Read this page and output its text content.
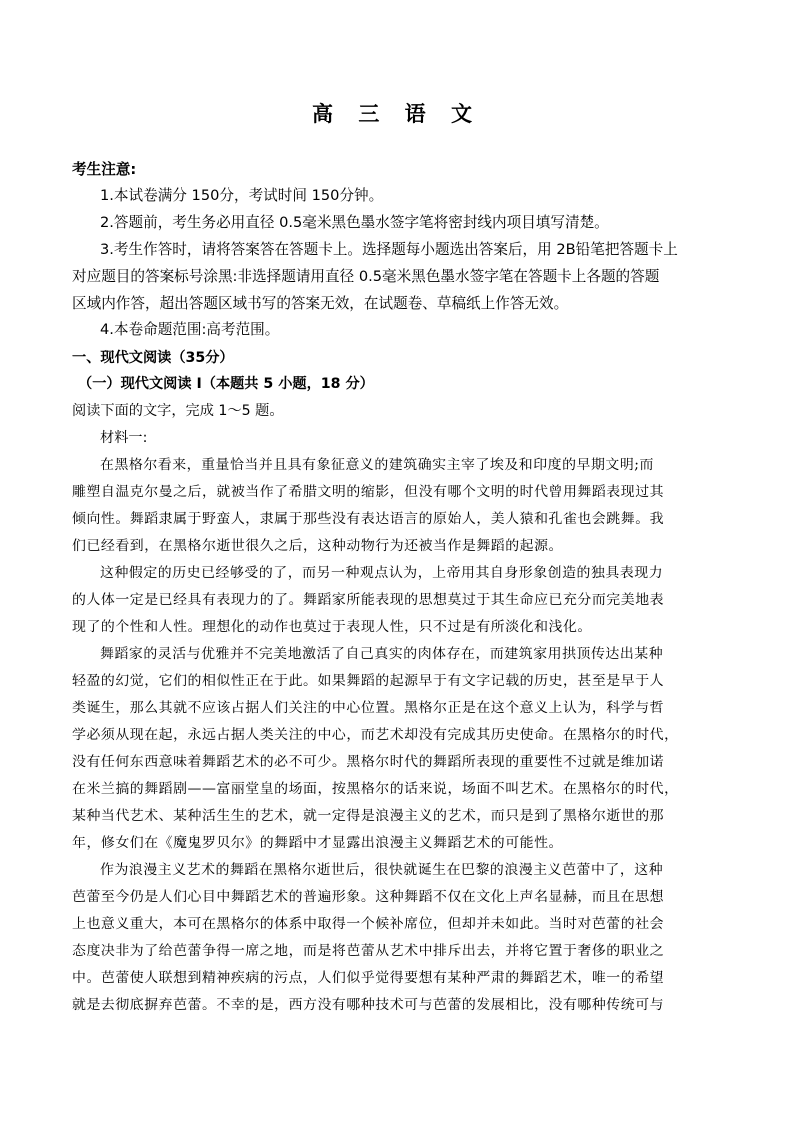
高 三 语 文
考生注意:
1.本试卷满分 150分，考试时间 150分钟。
2.答题前，考生务必用直径 0.5毫米黑色墨水签字笔将密封线内项目填写清楚。
3.考生作答时，请将答案答在答题卡上。选择题每小题选出答案后，用 2B铅笔把答题卡上
对应题目的答案标号涂黑:非选择题请用直径 0.5毫米黑色墨水签字笔在答题卡上各题的答题
区域内作答，超出答题区域书写的答案无效，在试题卷、草稿纸上作答无效。
4.本卷命题范围:高考范围。
一、现代文阅读（35分）
（一）现代文阅读 I（本题共 5 小题，18 分）
阅读下面的文字，完成 1～5 题。
材料一:
在黑格尔看来，重量恰当并且具有象征意义的建筑确实主宰了埃及和印度的早期文明;而
雕塑自温克尔曼之后，就被当作了希腊文明的缩影，但没有哪个文明的时代曾用舞蹈表现过其
倾向性。舞蹈隶属于野蛮人，隶属于那些没有表达语言的原始人，美人猿和孔雀也会跳舞。我
们已经看到，在黑格尔逝世很久之后，这种动物行为还被当作是舞蹈的起源。
这种假定的历史已经够受的了，而另一种观点认为，上帝用其自身形象创造的独具表现力
的人体一定是已经具有表现力的了。舞蹈家所能表现的思想莫过于其生命应已充分而完美地表
现了的个性和人性。理想化的动作也莫过于表现人性，只不过是有所淡化和浅化。
舞蹈家的灵活与优雅并不完美地激活了自己真实的肉体存在，而建筑家用拱顶传达出某种
轻盈的幻觉，它们的相似性正在于此。如果舞蹈的起源早于有文字记载的历史，甚至是早于人
类诞生，那么其就不应该占据人们关注的中心位置。黑格尔正是在这个意义上认为，科学与哲
学必须从现在起，永远占据人类关注的中心，而艺术却没有完成其历史使命。在黑格尔的时代，
没有任何东西意味着舞蹈艺术的必不可少。黑格尔时代的舞蹈所表现的重要性不过就是维加诺
在米兰搞的舞蹈剧——富丽堂皇的场面，按黑格尔的话来说，场面不叫艺术。在黑格尔的时代，
某种当代艺术、某种活生生的艺术，就一定得是浪漫主义的艺术，而只是到了黑格尔逝世的那
年，修女们在《魔鬼罗贝尔》的舞蹈中才显露出浪漫主义舞蹈艺术的可能性。
作为浪漫主义艺术的舞蹈在黑格尔逝世后，很快就诞生在巴黎的浪漫主义芭蕾中了，这种
芭蕾至今仍是人们心目中舞蹈艺术的普遍形象。这种舞蹈不仅在文化上声名显赫，而且在思想
上也意义重大，本可在黑格尔的体系中取得一个候补席位，但却并未如此。当时对芭蕾的社会
态度决非为了给芭蕾争得一席之地，而是将芭蕾从艺术中排斥出去，并将它置于奢侈的职业之
中。芭蕾使人联想到精神疾病的污点，人们似乎觉得要想有某种严肃的舞蹈艺术，唯一的希望
就是去彻底摒弃芭蕾。不幸的是，西方没有哪种技术可与芭蕾的发展相比，没有哪种传统可与
